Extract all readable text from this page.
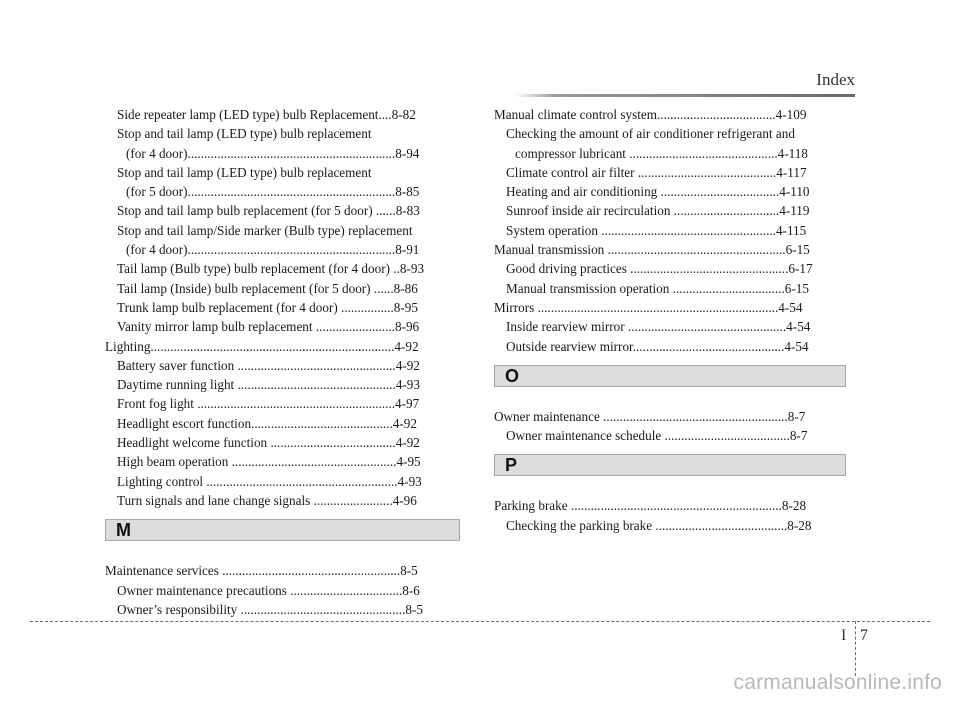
Index
Side repeater lamp (LED type) bulb Replacement....8-82
Stop and tail lamp (LED type) bulb replacement
(for 4 door)...............................................................8-94
Stop and tail lamp (LED type) bulb replacement
(for 5 door)...............................................................8-85
Stop and tail lamp bulb replacement (for 5 door) ......8-83
Stop and tail lamp/Side marker (Bulb type) replacement
(for 4 door)...............................................................8-91
Tail lamp (Bulb type) bulb replacement (for 4 door) ..8-93
Tail lamp (Inside) bulb replacement (for 5 door) ......8-86
Trunk lamp bulb replacement (for 4 door) ................8-95
Vanity mirror lamp bulb replacement ........................8-96
Lighting..........................................................................4-92
Battery saver function ................................................4-92
Daytime running light ................................................4-93
Front fog light ............................................................4-97
Headlight escort function...........................................4-92
Headlight welcome function ......................................4-92
High beam operation ..................................................4-95
Lighting control ..........................................................4-93
Turn signals and lane change signals ........................4-96
M
Maintenance services ......................................................8-5
Owner maintenance precautions ..................................8-6
Owner’s responsibility ..................................................8-5
Manual climate control system....................................4-109
Checking the amount of air conditioner refrigerant and
compressor lubricant .............................................4-118
Climate control air filter ..........................................4-117
Heating and air conditioning ....................................4-110
Sunroof inside air recirculation ................................4-119
System operation .....................................................4-115
Manual transmission ......................................................6-15
Good driving practices ................................................6-17
Manual transmission operation ..................................6-15
Mirrors .........................................................................4-54
Inside rearview mirror ................................................4-54
Outside rearview mirror..............................................4-54
O
Owner maintenance ........................................................8-7
Owner maintenance schedule ......................................8-7
P
Parking brake ................................................................8-28
Checking the parking brake ........................................8-28
I 7
carmanualsonline.info
